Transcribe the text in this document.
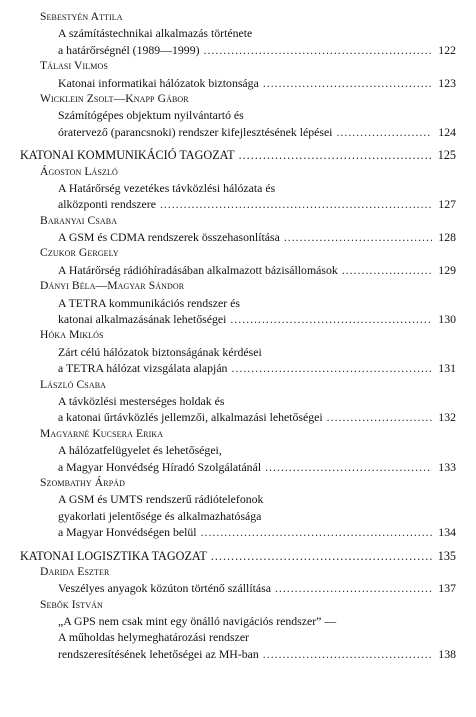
Sebestyén Attila
A számítástechnikai alkalmazás története
a határőrségnél (1989—1999) .....	122
Tálasi Vilmos
Katonai informatikai hálózatok biztonsága .....	123
Wicklein Zsolt—Knapp Gábor
Számítógépes objektum nyilvántartó és
óratervező (parancsnoki) rendszer kifejlesztésének lépései .....	124
KATONAI KOMMUNIKÁCIÓ TAGOZAT .....	125
Ágoston László
A Határőrség vezetékes távközlési hálózata és
alközponti rendszere .....	127
Baranyai Csaba
A GSM és CDMA rendszerek összehasonlítása .....	128
Czukor Gergely
A Határőrség rádióhíradásában alkalmazott bázisállomások .....	129
Dányi Béla—Magyar Sándor
A TETRA kommunikációs rendszer és
katonai alkalmazásának lehetőségei .....	130
Hóka Miklós
Zárt célú hálózatok biztonságának kérdései
a TETRA hálózat vizsgálata alapján .....	131
László Csaba
A távközlési mesterséges holdak és
a katonai űrtávközlés jellemzői, alkalmazási lehetőségei .....	132
Magyarné Kucsera Erika
A hálózatfelügyelet és lehetőségei,
a Magyar Honvédség Híradó Szolgálatánál .....	133
Szombathy Árpád
A GSM és UMTS rendszerű rádiótelefonok
gyakorlati jelentősége és alkalmazhatósága
a Magyar Honvédségen belül .....	134
KATONAI LOGISZTIKA TAGOZAT .....	135
Darida Eszter
Veszélyes anyagok közúton történő szállítása .....	137
Sebők István
„A GPS nem csak mint egy önálló navigációs rendszer” —
A műholdas helymeghatározási rendszer
rendszeresítésének lehetőségei az MH-ban .....	138
